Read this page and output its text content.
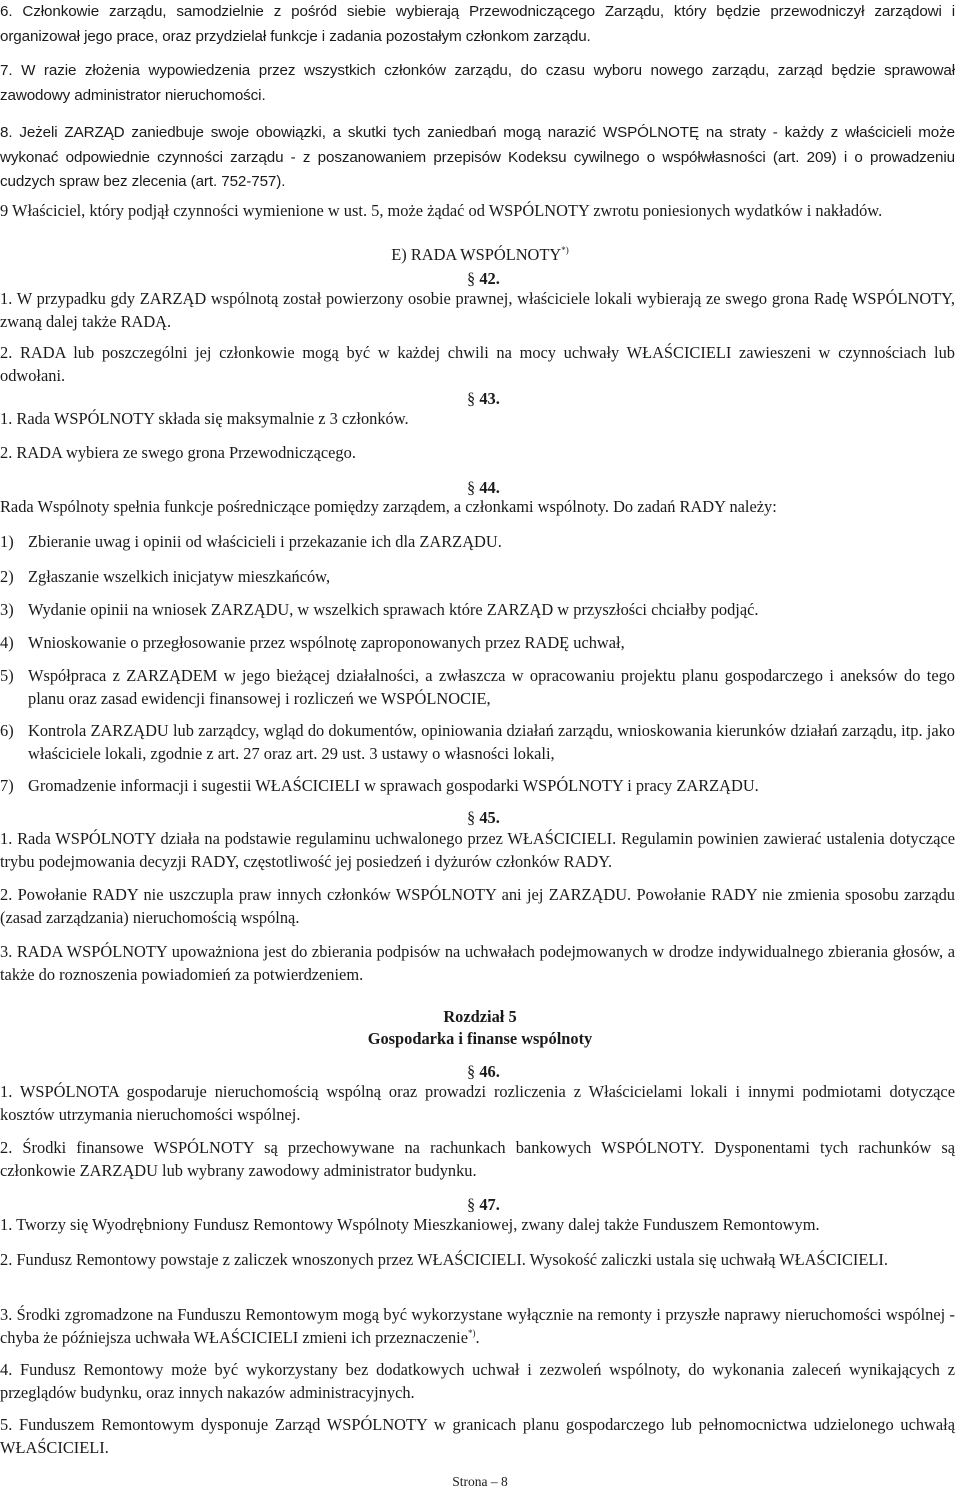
6. Członkowie zarządu, samodzielnie z pośród siebie wybierają Przewodniczącego Zarządu, który będzie przewodniczył zarządowi i organizował jego prace, oraz przydzielał funkcje i zadania pozostałym członkom zarządu.

7. W razie złożenia wypowiedzenia przez wszystkich członków zarządu, do czasu wyboru nowego zarządu, zarząd będzie sprawował zawodowy administrator nieruchomości.

8. Jeżeli ZARZĄD zaniedbuje swoje obowiązki, a skutki tych zaniedbań mogą narazić WSPÓLNOTĘ na straty - każdy z właścicieli może wykonać odpowiednie czynności zarządu - z poszanowaniem przepisów Kodeksu cywilnego o współwłasności (art. 209) i o prowadzeniu cudzych spraw bez zlecenia (art. 752-757).

9 Właściciel, który podjął czynności wymienione w ust. 5, może żądać od WSPÓLNOTY zwrotu poniesionych wydatków i nakładów.

E) RADA WSPÓLNOTY*)
§ 42.

1. W przypadku gdy ZARZĄD wspólnotą został powierzony osobie prawnej, właściciele lokali wybierają ze swego grona Radę WSPÓLNOTY, zwaną dalej także RADĄ.

2. RADA lub poszczególni jej członkowie mogą być w każdej chwili na mocy uchwały WŁAŚCICIELI zawieszeni w czynnościach lub odwołani.

§ 43.

1. Rada WSPÓLNOTY składa się maksymalnie z 3 członków.

2. RADA wybiera ze swego grona Przewodniczącego.

§ 44.

Rada Wspólnoty spełnia funkcje pośredniczące pomiędzy zarządem, a członkami wspólnoty. Do zadań RADY należy:

1) Zbieranie uwag i opinii od właścicieli i przekazanie ich dla ZARZĄDU.
2) Zgłaszanie wszelkich inicjatyw mieszkańców,
3) Wydanie opinii na wniosek ZARZĄDU, w wszelkich sprawach które ZARZĄD w przyszłości chciałby podjąć.
4) Wnioskowanie o przegłosowanie przez wspólnotę zaproponowanych przez RADĘ uchwał,
5) Współpraca z ZARZĄDEM w jego bieżącej działalności, a zwłaszcza w opracowaniu projektu planu gospodarczego i aneksów do tego planu oraz zasad ewidencji finansowej i rozliczeń we WSPÓLNOCIE,
6) Kontrola ZARZĄDU lub zarządcy, wgląd do dokumentów, opiniowania działań zarządu, wnioskowania kierunków działań zarządu, itp. jako właściciele lokali, zgodnie z art. 27 oraz art. 29 ust. 3 ustawy o własności lokali,
7) Gromadzenie informacji i sugestii WŁAŚCICIELI w sprawach gospodarki WSPÓLNOTY i pracy ZARZĄDU.
§ 45.

1. Rada WSPÓLNOTY działa na podstawie regulaminu uchwalonego przez WŁAŚCICIELI. Regulamin powinien zawierać ustalenia dotyczące trybu podejmowania decyzji RADY, częstotliwość jej posiedzeń i dyżurów członków RADY.

2. Powołanie RADY nie uszczupla praw innych członków WSPÓLNOTY ani jej ZARZĄDU. Powołanie RADY nie zmienia sposobu zarządu (zasad zarządzania) nieruchomością wspólną.

3. RADA WSPÓLNOTY upoważniona jest do zbierania podpisów na uchwałach podejmowanych w drodze indywidualnego zbierania głosów, a także do roznoszenia powiadomień za potwierdzeniem.

Rozdział 5
Gospodarka i finanse wspólnoty
§ 46.

1. WSPÓLNOTA gospodaruje nieruchomością wspólną oraz prowadzi rozliczenia z Właścicielami lokali i innymi podmiotami dotyczące kosztów utrzymania nieruchomości wspólnej.

2. Środki finansowe WSPÓLNOTY są przechowywane na rachunkach bankowych WSPÓLNOTY. Dysponentami tych rachunków są członkowie ZARZĄDU lub wybrany zawodowy administrator budynku.

§ 47.

1. Tworzy się Wyodrębniony Fundusz Remontowy Wspólnoty Mieszkaniowej, zwany dalej także Funduszem Remontowym.

2. Fundusz Remontowy powstaje z zaliczek wnoszonych przez WŁAŚCICIELI. Wysokość zaliczki ustala się uchwałą WŁAŚCICIELI.

3. Środki zgromadzone na Funduszu Remontowym mogą być wykorzystane wyłącznie na remonty i przyszłe naprawy nieruchomości wspólnej - chyba że późniejsza uchwała WŁAŚCICIELI zmieni ich przeznaczenie*).

4. Fundusz Remontowy może być wykorzystany bez dodatkowych uchwał i zezwoleń wspólnoty, do wykonania zaleceń wynikających z przeglądów budynku, oraz innych nakazów administracyjnych.

5. Funduszem Remontowym dysponuje Zarząd WSPÓLNOTY w granicach planu gospodarczego lub pełnomocnictwa udzielonego uchwałą WŁAŚCICIELI.

Strona – 8
